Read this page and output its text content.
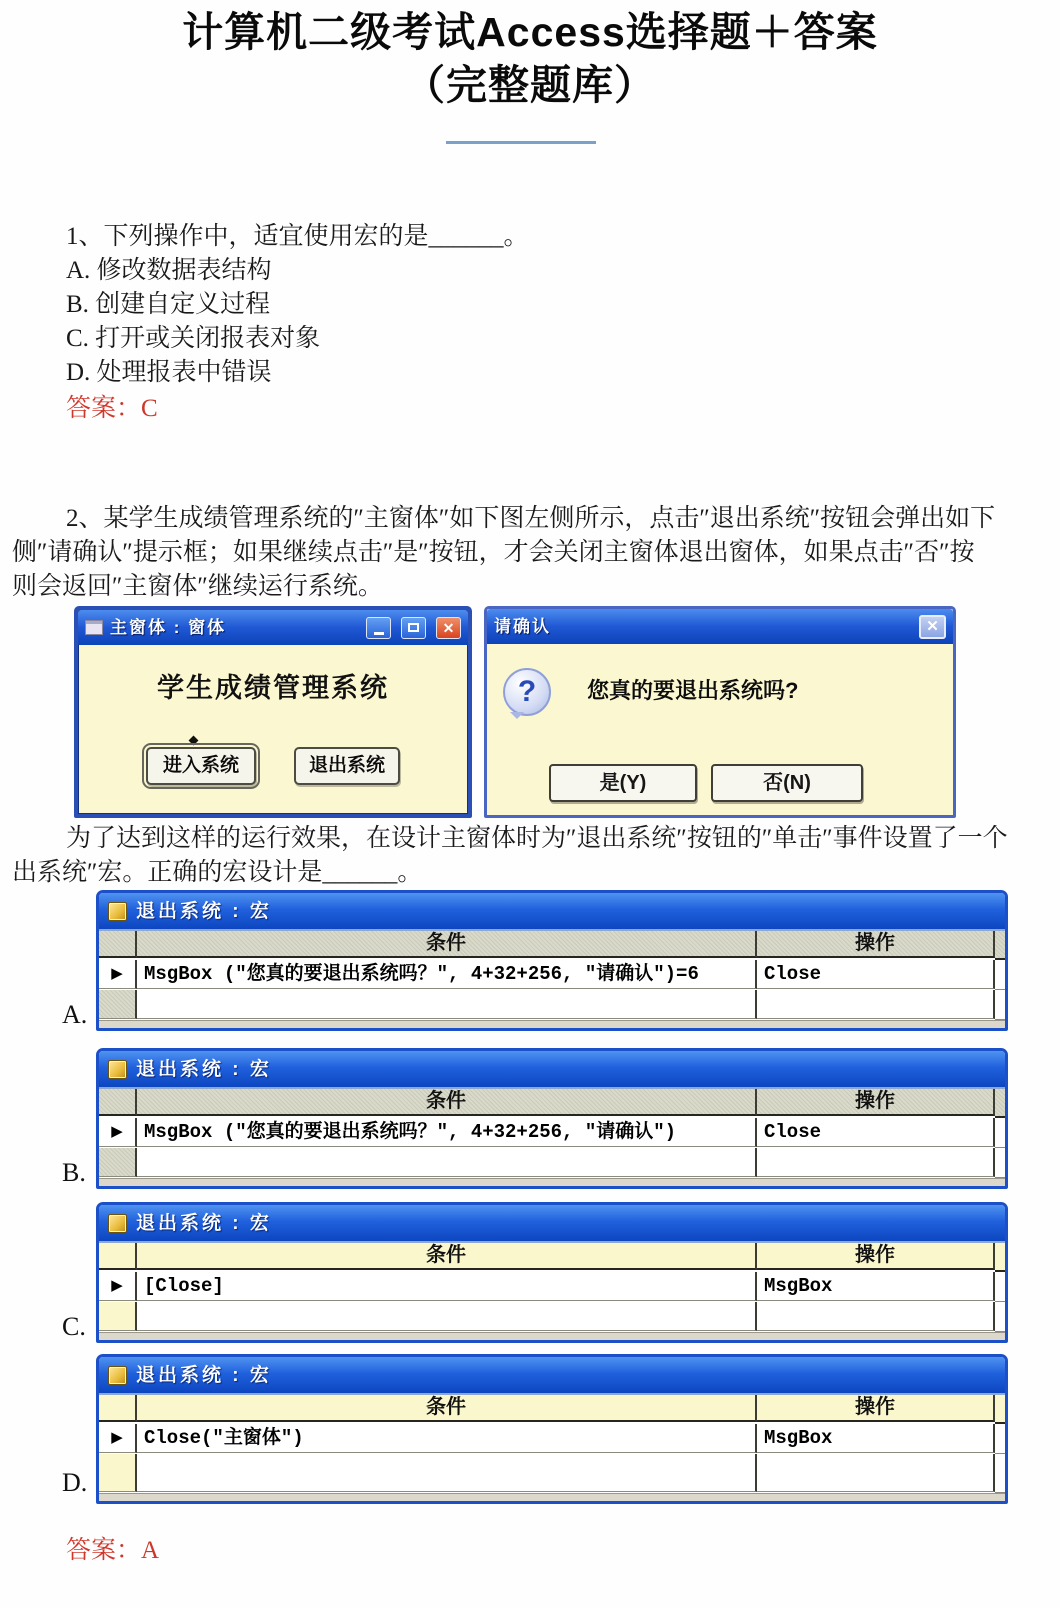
计算机二级考试Access选择题＋答案
（完整题库）
1、下列操作中，适宜使用宏的是______。
A. 修改数据表结构
B. 创建自定义过程
C. 打开或关闭报表对象
D. 处理报表中错误
答案：C
2、某学生成绩管理系统的″主窗体″如下图左侧所示，点击″退出系统″按钮会弹出如下
侧″请确认″提示框；如果继续点击″是″按钮，才会关闭主窗体退出窗体，如果点击″否″按
则会返回″主窗体″继续运行系统。
主窗体 : 窗体	✕
学生成绩管理系统
进入系统	退出系统
请确认	✕
?	您真的要退出系统吗?
是(Y)	否(N)
为了达到这样的运行效果，在设计主窗体时为″退出系统″按钮的″单击″事件设置了一个
出系统″宏。正确的宏设计是______。
退出系统 : 宏
条件	操作
▶	MsgBox ("您真的要退出系统吗？", 4+32+256, "请确认")=6	Close
A.
退出系统 : 宏
条件	操作
▶	MsgBox ("您真的要退出系统吗？", 4+32+256, "请确认")	Close
B.
退出系统 : 宏
条件	操作
▶	[Close]	MsgBox
C.
退出系统 : 宏
条件	操作
▶	Close("主窗体")	MsgBox
D.
答案：A
